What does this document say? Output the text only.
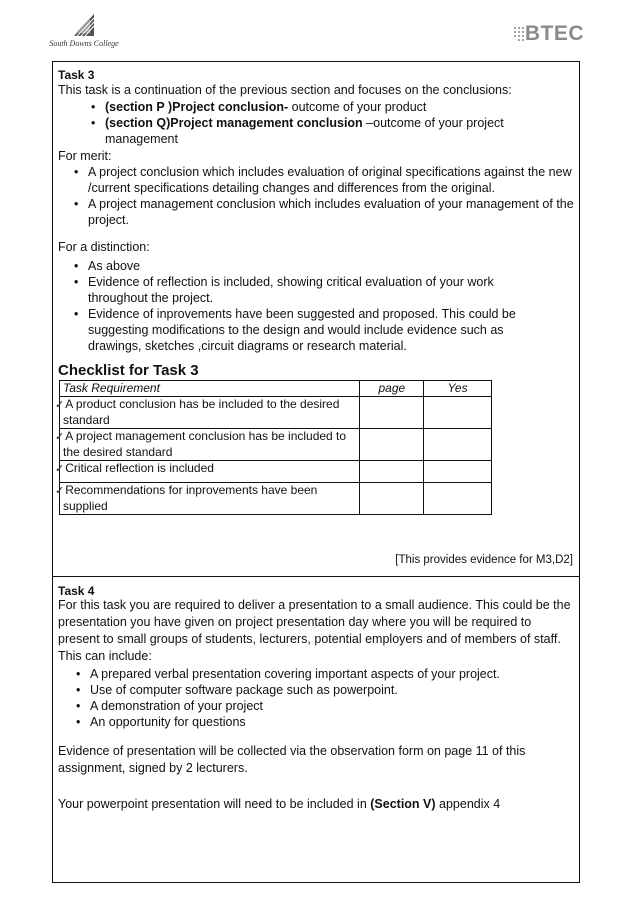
South Downs College	BTEC
Task 3
This task is a continuation of the previous section and focuses on the conclusions:
• (section P )Project conclusion- outcome of your product
• (section Q)Project management conclusion –outcome of your project management
For merit:
• A project conclusion which includes evaluation of original specifications against the new /current specifications detailing changes and differences from the original.
• A project management conclusion which includes evaluation of your management of the project.
For a distinction:
• As above
• Evidence of reflection is included, showing critical evaluation of your work throughout the project.
• Evidence of inprovements have been suggested and proposed. This could be suggesting modifications to the design and would include evidence such as drawings, sketches ,circuit diagrams or research material.
Checklist for Task 3
Task Requirement	page	Yes
✓A product conclusion has be included to the desired standard		
✓A project management conclusion has be included to the desired standard		
✓Critical reflection is included		
✓Recommendations for inprovements have been supplied		
[This provides evidence for M3,D2]
Task 4
For this task you are required to deliver a presentation to a small audience. This could be the presentation you have given on project presentation day where you will be required to present to small groups of students, lecturers, potential employers and of members of staff. This can include:
• A prepared verbal presentation covering important aspects of your project.
• Use of computer software package such as powerpoint.
• A demonstration of your project
• An opportunity for questions
Evidence of presentation will be collected via the observation form on page 11 of this assignment, signed by 2 lecturers.
Your powerpoint presentation will need to be included in (Section V) appendix 4
